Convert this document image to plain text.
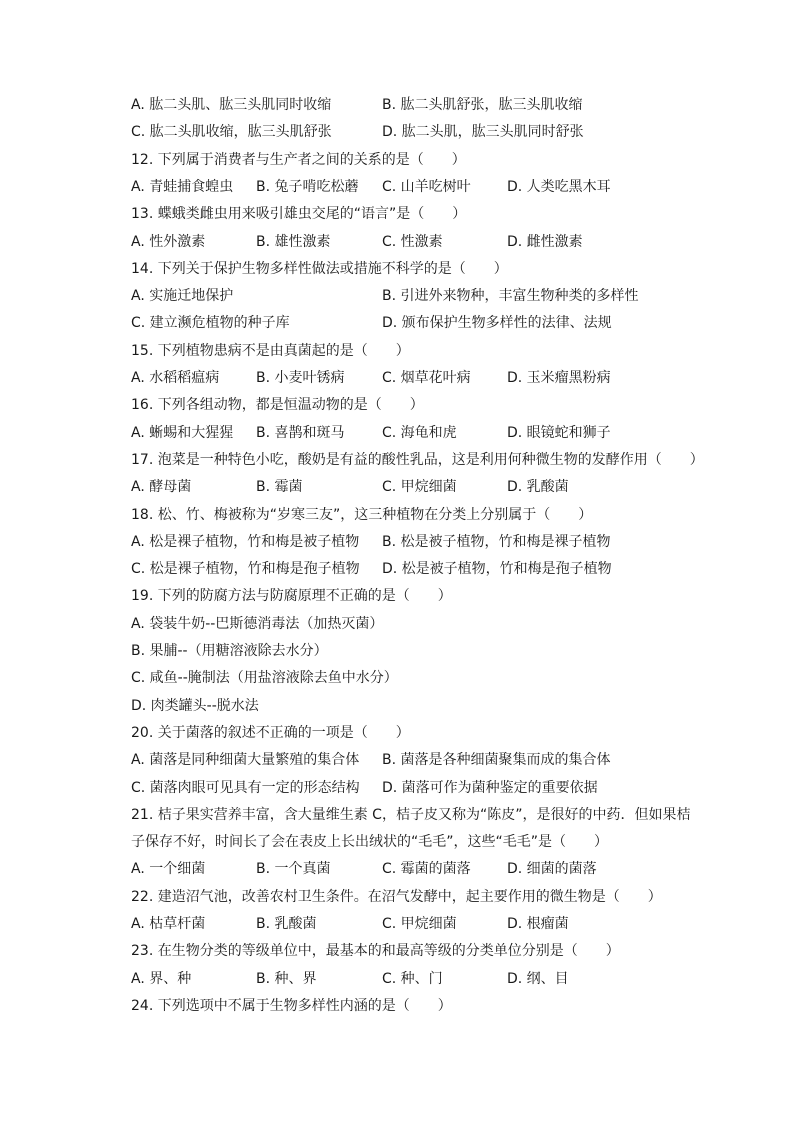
A. 肱二头肌、肱三头肌同时收缩	B. 肱二头肌舒张，肱三头肌收缩
C. 肱二头肌收缩，肱三头肌舒张	D. 肱二头肌，肱三头肌同时舒张
12. 下列属于消费者与生产者之间的关系的是（　　）
A. 青蛙捕食蝗虫 B. 兔子啃吃松蘑 C. 山羊吃树叶	D. 人类吃黑木耳
13. 蝶蛾类雌虫用来吸引雄虫交尾的“语言”是（　　）
A. 性外激素	B. 雄性激素	C. 性激素	D. 雌性激素
14. 下列关于保护生物多样性做法或措施不科学的是（　　）
A. 实施迁地保护	B. 引进外来物种，丰富生物种类的多样性
C. 建立濒危植物的种子库	D. 颁布保护生物多样性的法律、法规
15. 下列植物患病不是由真菌起的是（　　）
A. 水稻稻瘟病	B. 小麦叶锈病	C. 烟草花叶病	D. 玉米瘤黑粉病
16. 下列各组动物，都是恒温动物的是（　　）
A. 蜥蜴和大猩猩 B. 喜鹊和斑马	C. 海龟和虎	D. 眼镜蛇和狮子
17. 泡菜是一种特色小吃，酸奶是有益的酸性乳品，这是利用何种微生物的发酵作用（　　）
A. 酵母菌	B. 霉菌	C. 甲烷细菌	D. 乳酸菌
18. 松、竹、梅被称为“岁寒三友”，这三种植物在分类上分别属于（　　）
A. 松是裸子植物，竹和梅是被子植物 B. 松是被子植物，竹和梅是裸子植物
C. 松是裸子植物，竹和梅是孢子植物 D. 松是被子植物，竹和梅是孢子植物
19. 下列的防腐方法与防腐原理不正确的是（　　）
A. 袋装牛奶--巴斯德消毒法（加热灭菌）
B. 果脯--（用糖溶液除去水分）
C. 咸鱼--腌制法（用盐溶液除去鱼中水分）
D. 肉类罐头--脱水法
20. 关于菌落的叙述不正确的一项是（　　）
A. 菌落是同种细菌大量繁殖的集合体 B. 菌落是各种细菌聚集而成的集合体
C. 菌落肉眼可见具有一定的形态结构 D. 菌落可作为菌种鉴定的重要依据
21. 桔子果实营养丰富，含大量维生素 C，桔子皮又称为“陈皮”，是很好的中药．但如果桔
子保存不好，时间长了会在表皮上长出绒状的“毛毛”，这些“毛毛”是（　　）
A. 一个细菌	B. 一个真菌	C. 霉菌的菌落	D. 细菌的菌落
22. 建造沼气池，改善农村卫生条件。在沼气发酵中，起主要作用的微生物是（　　）
A. 枯草杆菌	B. 乳酸菌	C. 甲烷细菌	D. 根瘤菌
23. 在生物分类的等级单位中，最基本的和最高等级的分类单位分别是（　　）
A. 界、种	B. 种、界	C. 种、门	D. 纲、目
24. 下列选项中不属于生物多样性内涵的是（　　）
